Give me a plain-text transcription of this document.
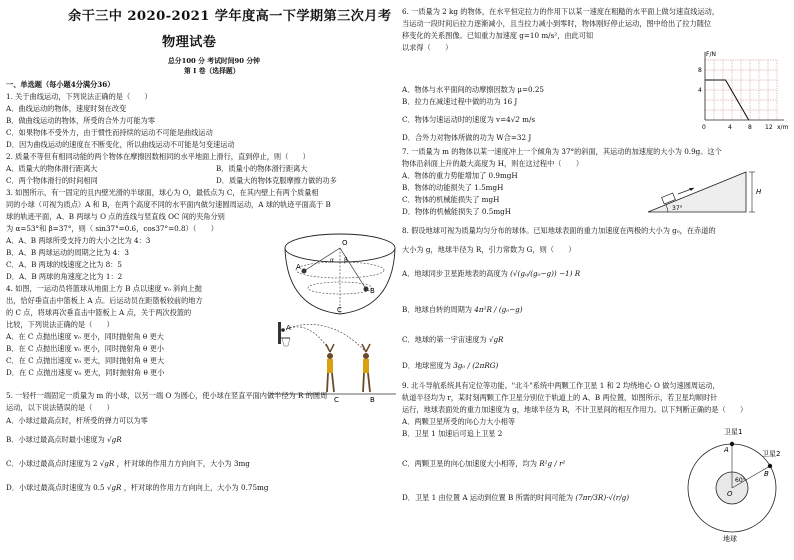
余干三中 2020-2021 学年度高一下学期第三次月考
物理试卷
总分100 分 考试时间90 分钟
第 I 卷（选择题）
一、单选题（每小题4分满分36）
1. 关于曲线运动，下列说法正确的是（　　）
A．曲线运动的物体，速度时刻在改变
B．做曲线运动的物体，所受的合外力可能为零
C．如果物体不受外力，由于惯性而持续的运动不可能是曲线运动
D．因为曲线运动的速度在不断变化，所以曲线运动不可能是匀变速运动
2. 质量不等但有相同动能的两个物体在摩擦因数相同的水平地面上滑行，直到停止，则（　　）
A．质量大的物体滑行距离大	B．质量小的物体滑行距离大
C．两个物体滑行的时间相同	D．质量大的物体克服摩擦力做的功多
3. 如图所示，有一固定的且内壁光滑的半球面，球心为 O，最低点为 C，在其内壁上有两个质量相
同的小球（可视为质点）A 和 B，在两个高度不同的水平面内做匀速圆周运动，A 球的轨迹平面高于 B
球的轨迹平面，A、B 两球与 O 点的连线与竖直线 OC 间的夹角分别
为 α=53°和 β=37°，则（ sin37°=0.6，cos37°=0.8）（　　）
A．A、B 两球所受支持力的大小之比为 4：3
B．A、B 两球运动的周期之比为 4：3
C．A、B 两球的线速度之比为 8：5
D．A、B 两球的角速度之比为 1：2
O
A
B
C
α β
4. 如图，一运动员将篮球从地面上方 B 点以速度 v₀ 斜向上抛
出，恰好垂直击中篮板上 A 点。后运动员在距篮板较前的地方
的 C 点，将球再次垂直击中篮板上 A 点，关于两次投篮的
比较，下列说法正确的是（　　）
A．在 C 点抛出速度 v₀ 更小，同时抛射角 θ 更大
B．在 C 点抛出速度 v₀ 更小，同时抛射角 θ 更小
C．在 C 点抛出速度 v₀ 更大，同时抛射角 θ 更大
D．在 C 点抛出速度 v₀ 更大，同时抛射角 θ 更小
A
C	B
5. 一轻杆一端固定一质量为 m 的小球，以另一端 O 为圆心，使小球在竖直平面内做半径为 R 的圆周
运动，以下说法错误的是（　　）
A．小球过最高点时，杆所受的弹力可以为零
B．小球过最高点时最小速度为 √gR
C．小球过最高点时速度为 2 √gR ，杆对球的作用力方向向下，大小为 3mg
D．小球过最高点时速度为 0.5 √gR ，杆对球的作用力方向向上，大小为 0.75mg
6. 一质量为 2 kg 的物体，在水平恒定拉力的作用下以某一速度在粗糙的水平面上做匀速直线运动，
当运动一段时间后拉力逐渐减小，且当拉力减小到零时，物体刚好停止运动，图中给出了拉力随位
移变化的关系图像。已知重力加速度 g=10 m/s²，由此可知
以求得（　　）
A．物体与水平面间的动摩擦因数为 μ=0.25
B．拉力在减速过程中做的功为 16 J
C．物体匀速运动时的速度为 v=4√2 m/s
D．合外力对物体所做的功为 W合=32 J
F/N
x/m
4
8
0	4	8 12
7. 一质量为 m 的物体以某一速度冲上一个倾角为 37°的斜面，其运动的加速度的大小为 0.9g。这个
物体沿斜面上升的最大高度为 H，则在这过程中（　　）
A．物体的重力势能增加了 0.9mgH
B．物体的动能损失了 1.5mgH
C．物体的机械能损失了 mgH
D．物体的机械能损失了 0.5mgH
H
37°
8. 假设地球可视为质量均匀分布的球体。已知地球表面的重力加速度在两极的大小为 g₀，在赤道的
大小为 g，地球半径为 R，引力常数为 G，则（　　）
A．地球同步卫星距地表的高度为 (√(g₀/(g₀−g)) −1) R
B．地球自转的周期为 4π²R / (g₀−g)
C．地球的第一宇宙速度为 √gR
D．地球密度为 3g₀ / (2πRG)
9. 北斗导航系统具有定位等功能。"北斗"系统中两颗工作卫星 1 和 2 均绕地心 O 做匀速圆周运动，
轨道半径均为 r，某时刻两颗工作卫星分别位于轨道上的 A、B 两位置，如图所示，若卫星均顺时针
运行，地球表面处的重力加速度为 g，地球半径为 R，不计卫星间的相互作用力。以下判断正确的是（　　）
A．两颗卫星所受的向心力大小相等
B．卫星 1 加速后可追上卫星 2
C．两颗卫星的向心加速度大小相等，均为 R²g / r²
D．卫星 1 由位置 A 运动到位置 B 所需的时间可能为 (7πr/3R)·√(r/g)
卫星1
卫星2
A
B
O
60°
地球
